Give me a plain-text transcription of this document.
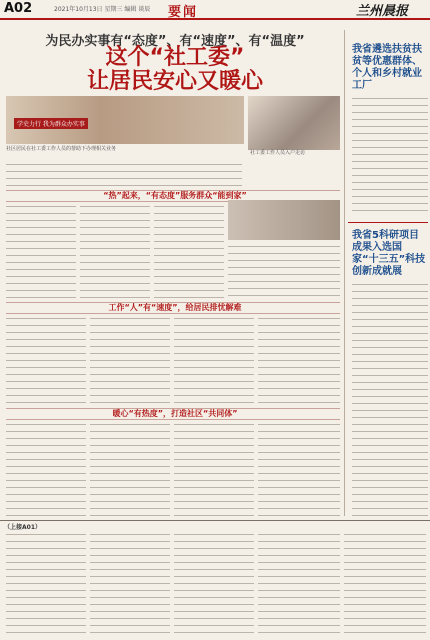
A02	2021年10月13日 星期三 编辑 谈辰 要闻	兰州晨报
为民办实事有“态度”、有“速度”、有“温度”
这个“社工委”
让居民安心又暖心
学史力行 我为群众办实事
社区居民在社工委工作人员的帮助下办理相关业务
社工委工作人员入户走访
“热”起来，“有态度”服务群众“能到家”
工作“人”有“速度”，给居民排忧解难
暖心“有热度”，打造社区“共同体”
我省遴选扶贫扶贫等优惠群体、个人和乡村就业工厂
我省5科研项目成果入选国家“十三五”科技创新成就展
（上接A01）
